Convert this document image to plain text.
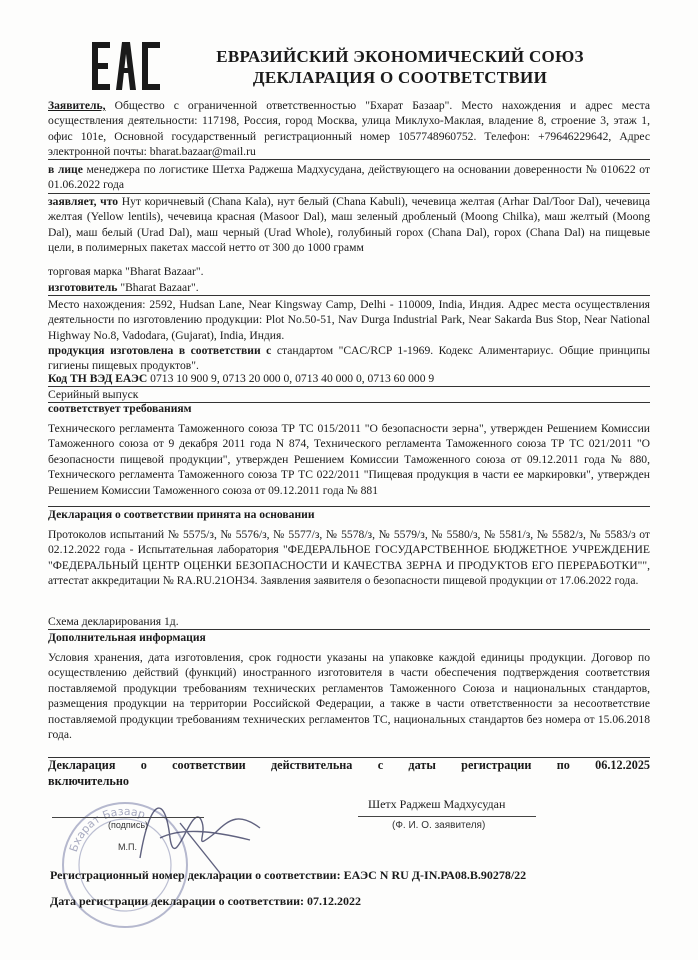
ЕВРАЗИЙСКИЙ ЭКОНОМИЧЕСКИЙ СОЮЗ
ДЕКЛАРАЦИЯ О СООТВЕТСТВИИ
Заявитель, Общество с ограниченной ответственностью "Бхарат Базаар". Место нахождения и адрес места осуществления деятельности: 117198, Россия, город Москва, улица Миклухо-Маклая, владение 8, строение 3, этаж 1, офис 101е, Основной государственный регистрационный номер 1057748960752. Телефон: +79646229642, Адрес электронной почты: bharat.bazaar@mail.ru
в лице менеджера по логистике Шетха Раджеша Мадхусудана, действующего на основании доверенности № 010622 от 01.06.2022 года
заявляет, что Нут коричневый (Chana Kala), нут белый (Chana Kabuli), чечевица желтая (Arhar Dal/Toor Dal), чечевица желтая (Yellow lentils), чечевица красная (Masoor Dal), маш зеленый дробленый (Moong Chilka), маш желтый (Moong Dal), маш белый (Urad Dal), маш черный (Urad Whole), голубиный горох (Chana Dal), горох (Chana Dal) на пищевые цели, в полимерных пакетах массой нетто от 300 до 1000 грамм
торговая марка "Bharat Bazaar".
изготовитель "Bharat Bazaar".
Место нахождения: 2592, Hudsan Lane, Near Kingsway Camp, Delhi - 110009, India, Индия. Адрес места осуществления деятельности по изготовлению продукции: Plot No.50-51, Nav Durga Industrial Park, Near Sakarda Bus Stop, Near National Highway No.8, Vadodara, (Gujarat), India, Индия.
продукция изготовлена в соответствии с стандартом "CAC/RCP 1-1969. Кодекс Алиментариус. Общие принципы гигиены пищевых продуктов".
Код ТН ВЭД ЕАЭС 0713 10 900 9, 0713 20 000 0, 0713 40 000 0, 0713 60 000 9
Серийный выпуск
соответствует требованиям
Технического регламента Таможенного союза ТР ТС 015/2011 "О безопасности зерна", утвержден Решением Комиссии Таможенного союза от 9 декабря 2011 года N 874, Технического регламента Таможенного союза ТР ТС 021/2011 "О безопасности пищевой продукции", утвержден Решением Комиссии Таможенного союза от 09.12.2011 года № 880, Технического регламента Таможенного союза ТР ТС 022/2011 "Пищевая продукция в части ее маркировки", утвержден Решением Комиссии Таможенного союза от 09.12.2011 года № 881
Декларация о соответствии принята на основании
Протоколов испытаний № 5575/з, № 5576/з, № 5577/з, № 5578/з, № 5579/з, № 5580/з, № 5581/з, № 5582/з, № 5583/з от 02.12.2022 года - Испытательная лаборатория "ФЕДЕРАЛЬНОЕ ГОСУДАРСТВЕННОЕ БЮДЖЕТНОЕ УЧРЕЖДЕНИЕ "ФЕДЕРАЛЬНЫЙ ЦЕНТР ОЦЕНКИ БЕЗОПАСНОСТИ И КАЧЕСТВА ЗЕРНА И ПРОДУКТОВ ЕГО ПЕРЕРАБОТКИ"", аттестат аккредитации № RA.RU.21ОН34. Заявления заявителя о безопасности пищевой продукции от 17.06.2022 года.
Схема декларирования 1д.
Дополнительная информация
Условия хранения, дата изготовления, срок годности указаны на упаковке каждой единицы продукции. Договор по осуществлению действий (функций) иностранного изготовителя в части обеспечения подтверждения соответствия поставляемой продукции требованиям технических регламентов Таможенного Союза и национальных стандартов, размещения продукции на территории Российской Федерации, а также в части ответственности за несоответствие поставляемой продукции требованиям технических регламентов ТС, национальных стандартов без номера от 15.06.2018 года.
Декларация о соответствии действительна с даты регистрации по 06.12.2025
включительно
Бхарат Базаар
(подпись)
М.П.
Шетх Раджеш Мадхусудан
(Ф. И. О. заявителя)
Регистрационный номер декларации о соответствии: ЕАЭС N RU Д-IN.РА08.В.90278/22
Дата регистрации декларации о соответствии: 07.12.2022
